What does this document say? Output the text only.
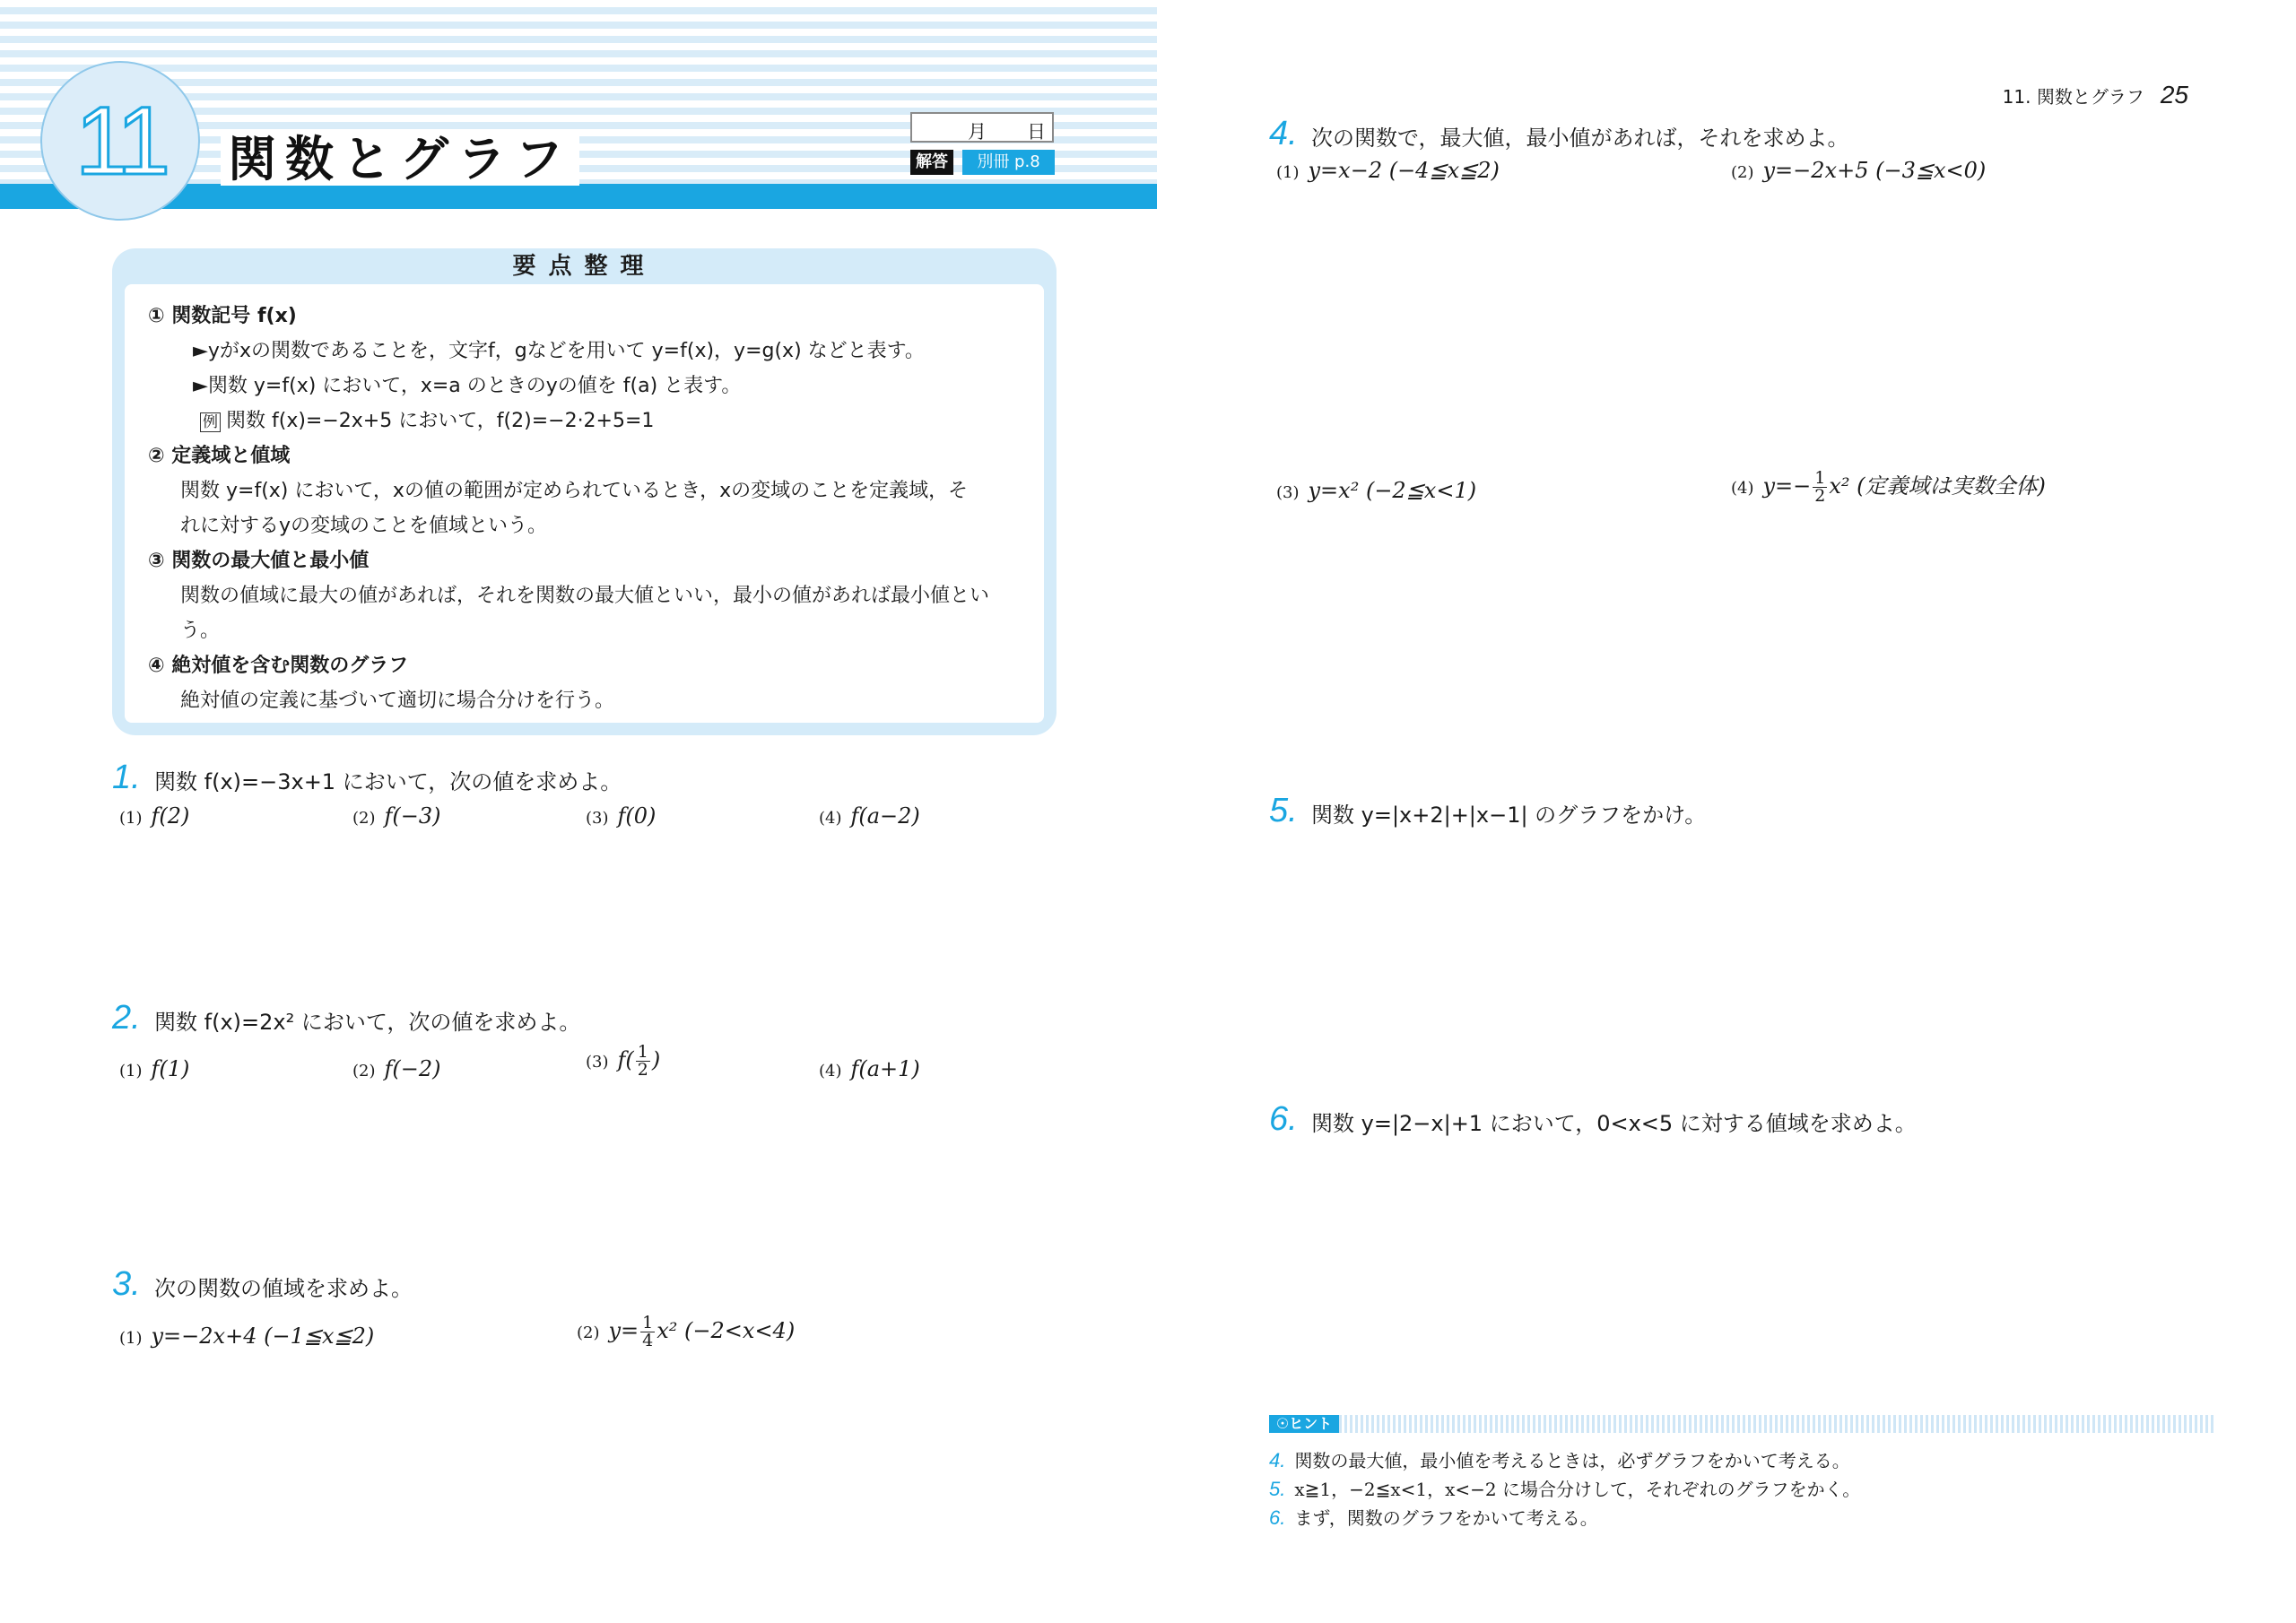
11 関数とグラフ	月 日
解答	別冊 p.8
要点整理
① 関数記号 f(x)
►yがxの関数であることを，文字f，gなどを用いて y=f(x)，y=g(x) などと表す。
►関数 y=f(x) において，x=a のときのyの値を f(a) と表す。
例 関数 f(x)=−2x+5 において，f(2)=−2·2+5=1
② 定義域と値域
関数 y=f(x) において，xの値の範囲が定められているとき，xの変域のことを定義域，そ
れに対するyの変域のことを値域という。
③ 関数の最大値と最小値
関数の値域に最大の値があれば，それを関数の最大値といい，最小の値があれば最小値とい
う。
④ 絶対値を含む関数のグラフ
絶対値の定義に基づいて適切に場合分けを行う。
1. 関数 f(x)=−3x+1 において，次の値を求めよ。
(1) f(2)	(2) f(−3)	(3) f(0)	(4) f(a−2)
2. 関数 f(x)=2x² において，次の値を求めよ。
(1) f(1)	(2) f(−2)	(3) $f( \frac{1}{2}$ )	(4) f(a+1)
3. 次の関数の値域を求めよ。
(1) y=−2x+4 (−1≦x≦2)	(2) $y= \frac{1}{4} x^2$ (−2<x<4)
11. 関数とグラフ 25
4. 次の関数で，最大値，最小値があれば，それを求めよ。
(1) y=x−2 (−4≦x≦2)	(2) y=−2x+5 (−3≦x<0)
(3) y=x² (−2≦x<1)	(4) $y=- \frac{1}{2} x^2$ (定義域は実数全体)
5. 関数 y=|x+2|+|x−1| のグラフをかけ。
6. 関数 y=|2−x|+1 において，0<x<5 に対する値域を求めよ。
☉ヒント
4. 関数の最大値，最小値を考えるときは，必ずグラフをかいて考える。
5. x≧1，−2≦x<1，x<−2 に場合分けして，それぞれのグラフをかく。
6. まず，関数のグラフをかいて考える。
